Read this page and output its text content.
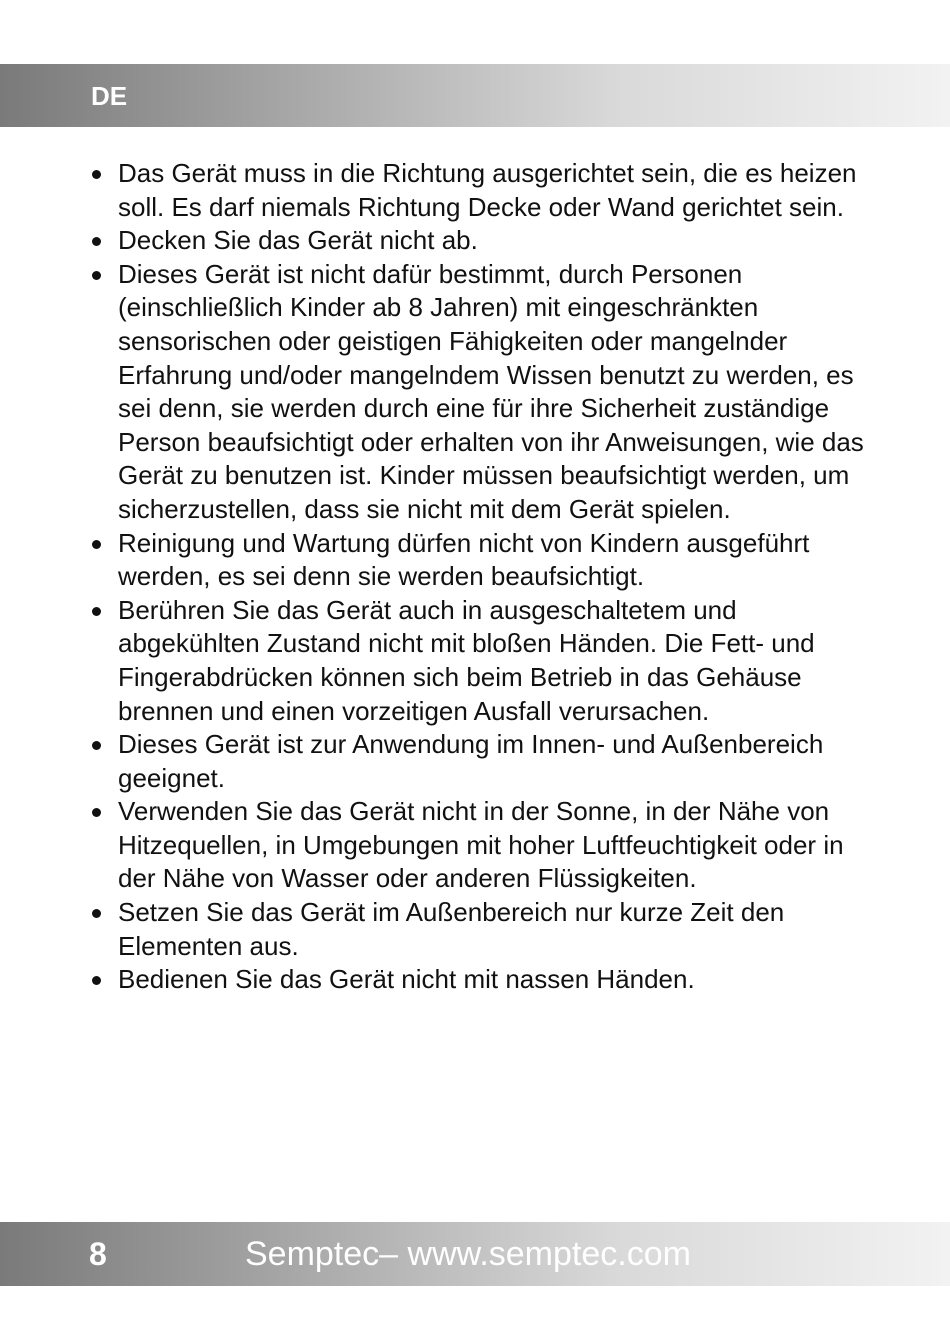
DE
Das Gerät muss in die Richtung ausgerichtet sein, die es heizen soll. Es darf niemals Richtung Decke oder Wand gerichtet sein.
Decken Sie das Gerät nicht ab.
Dieses Gerät ist nicht dafür bestimmt, durch Personen (einschließlich Kinder ab 8 Jahren) mit eingeschränkten sensorischen oder geistigen Fähigkeiten oder mangelnder Erfahrung und/oder mangelndem Wissen benutzt zu werden, es sei denn, sie werden durch eine für ihre Sicherheit zuständige Person beaufsichtigt oder erhalten von ihr Anweisungen, wie das Gerät zu benutzen ist. Kinder müssen beaufsichtigt werden, um sicherzustellen, dass sie nicht mit dem Gerät spielen.
Reinigung und Wartung dürfen nicht von Kindern ausgeführt werden, es sei denn sie werden beaufsichtigt.
Berühren Sie das Gerät auch in ausgeschaltetem und abgekühlten Zustand nicht mit bloßen Händen. Die Fett- und Fingerabdrücken können sich beim Betrieb in das Gehäuse brennen und einen vorzeitigen Ausfall verursachen.
Dieses Gerät ist zur Anwendung im Innen- und Außenbereich geeignet.
Verwenden Sie das Gerät nicht in der Sonne, in der Nähe von Hitzequellen, in Umgebungen mit hoher Luftfeuchtigkeit oder in der Nähe von Wasser oder anderen Flüssigkeiten.
Setzen Sie das Gerät im Außenbereich nur kurze Zeit den Elementen aus.
Bedienen Sie das Gerät nicht mit nassen Händen.
8	Semptec– www.semptec.com
